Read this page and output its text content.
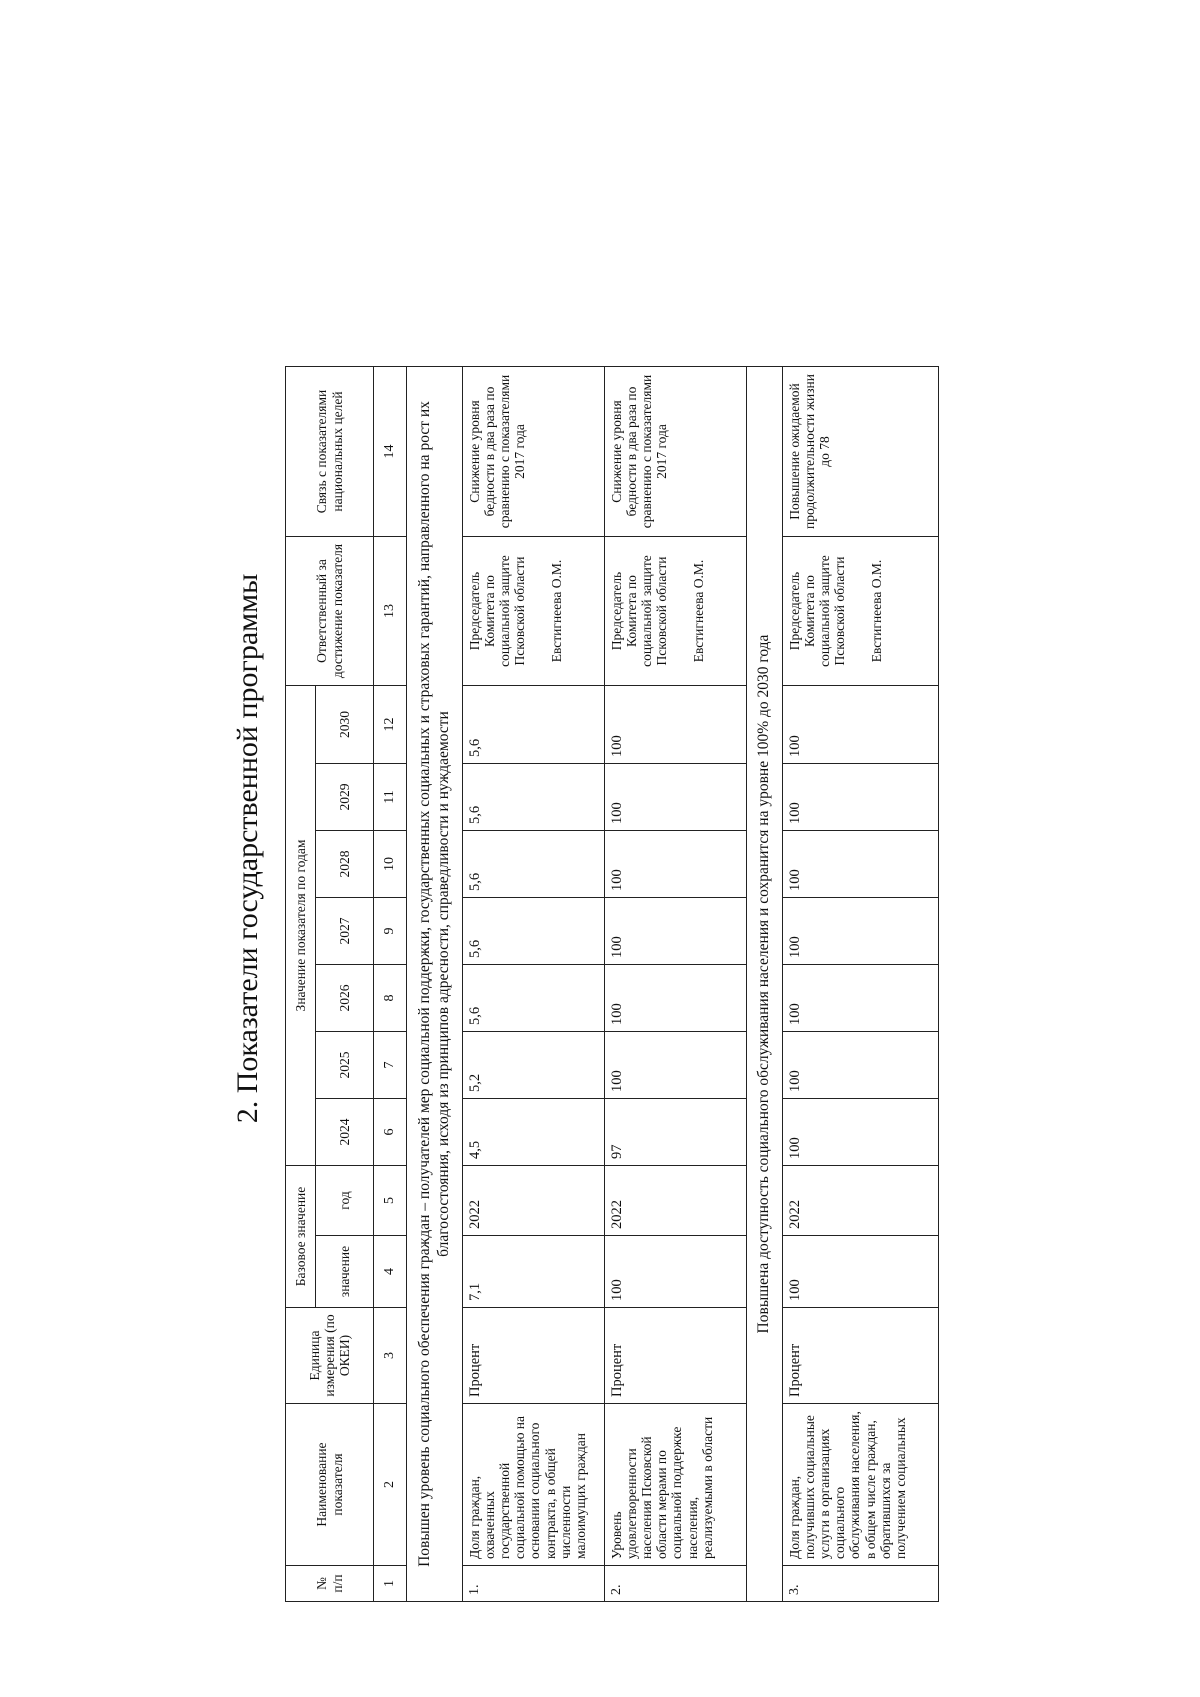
2. Показатели государственной программы
№ п/п	Наименование показателя	Единица измерения (по ОКЕИ)	Базовое значение		Значение показателя по годам							Ответственный за достижение показателя	Связь с показателями национальных целей
			значение	год	2024	2025	2026	2027	2028	2029	2030		
1	2	3	4	5	6	7	8	9	10	11	12	13	14
Повышен уровень социального обеспечения граждан – получателей мер социальной поддержки, государственных социальных и страховых гарантий, направленного на рост их благосостояния, исходя из принципов адресности, справедливости и нуждаемости													
1.	Доля граждан, охваченных государственной социальной помощью на основании социального контракта, в общей численности малоимущих граждан	Процент	7,1	2022	4,5	5,2	5,6	5,6	5,6	5,6	5,6	Председатель Комитета по социальной защите Псковской области Евстигнеева О.М.	Снижение уровня бедности в два раза по сравнению с показателями 2017 года
2.	Уровень удовлетворенности населения Псковской области мерами по социальной поддержке населения, реализуемыми в области	Процент	100	2022	97	100	100	100	100	100	100	Председатель Комитета по социальной защите Псковской области Евстигнеева О.М.	Снижение уровня бедности в два раза по сравнению с показателями 2017 года
Повышена доступность социального обслуживания населения и сохранится на уровне 100% до 2030 года													
3.	Доля граждан, получивших социальные услуги в организациях социального обслуживания населения, в общем числе граждан, обратившихся за получением социальных	Процент	100	2022	100	100	100	100	100	100	100	Председатель Комитета по социальной защите Псковской области Евстигнеева О.М.	Повышение ожидаемой продолжительности жизни до 78
